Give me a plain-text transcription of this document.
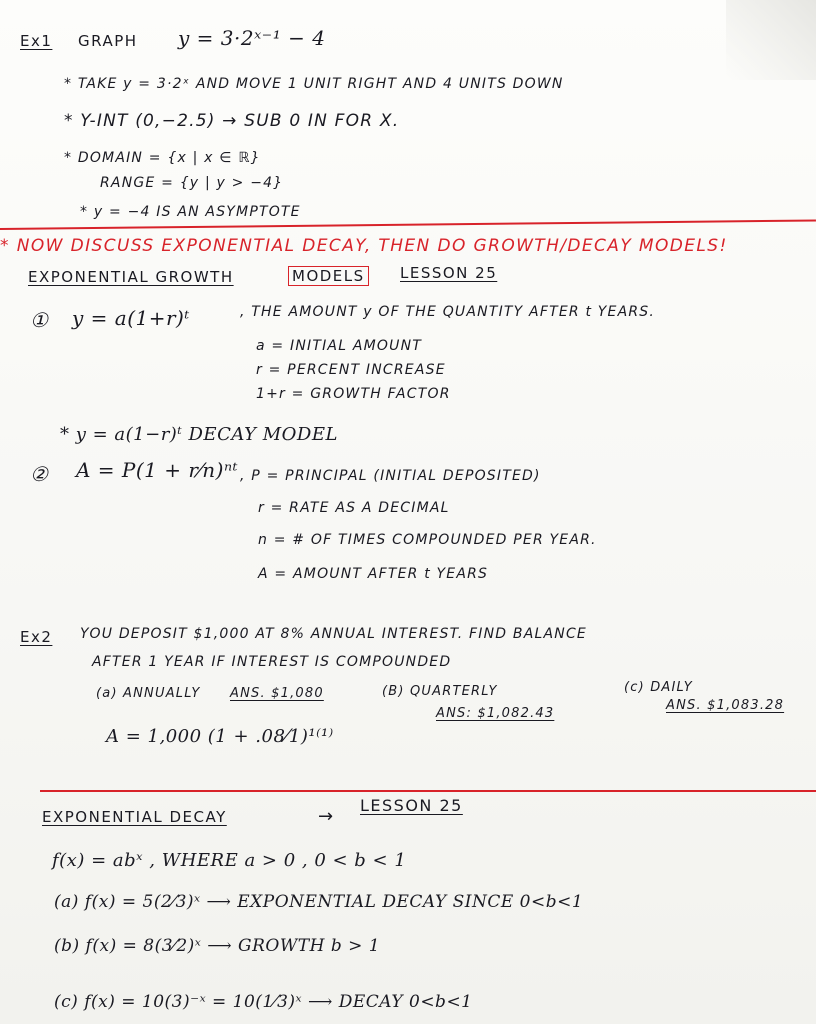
Ex1 GRAPH y = 3·2ˣ⁻¹ − 4
* TAKE y = 3·2ˣ AND MOVE 1 UNIT RIGHT AND 4 UNITS DOWN
* Y-INT (0,−2.5) → SUB 0 IN FOR X.
* DOMAIN = {x | x ∈ ℝ}
RANGE = {y | y > −4}
* y = −4 IS AN ASYMPTOTE
* NOW DISCUSS EXPONENTIAL DECAY, THEN DO GROWTH/DECAY MODELS!
EXPONENTIAL GROWTH	MODELS LESSON 25
① y = a(1+r)ᵗ	, THE AMOUNT y OF THE QUANTITY AFTER t YEARS.
a = INITIAL AMOUNT
r = PERCENT INCREASE
1+r = GROWTH FACTOR
* y = a(1−r)ᵗ DECAY MODEL
② A = P(1 + r⁄n)ⁿᵗ , P = PRINCIPAL (INITIAL DEPOSITED)
r = RATE AS A DECIMAL
n = # OF TIMES COMPOUNDED PER YEAR.
A = AMOUNT AFTER t YEARS
Ex2 YOU DEPOSIT $1,000 AT 8% ANNUAL INTEREST. FIND BALANCE
AFTER 1 YEAR IF INTEREST IS COMPOUNDED
(a) ANNUALLY ANS. $1,080	(B) QUARTERLY
ANS: $1,082.43
(c) DAILY
ANS. $1,083.28
A = 1,000 (1 + .08⁄1)¹⁽¹⁾
EXPONENTIAL DECAY	→
LESSON 25
f(x) = abˣ , WHERE a > 0 , 0 < b < 1
(a) f(x) = 5(2⁄3)ˣ ⟶ EXPONENTIAL DECAY SINCE 0<b<1
(b) f(x) = 8(3⁄2)ˣ ⟶ GROWTH b > 1
(c) f(x) = 10(3)⁻ˣ = 10(1⁄3)ˣ ⟶ DECAY 0<b<1
